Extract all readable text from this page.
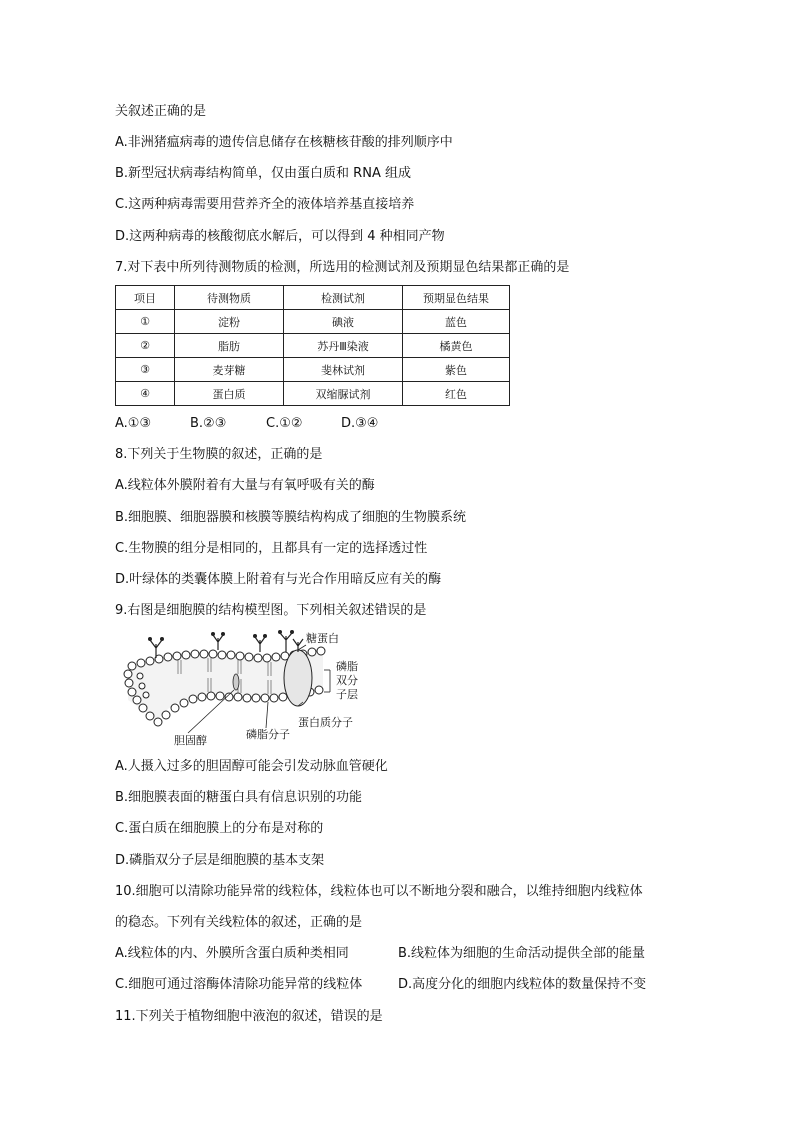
关叙述正确的是
A.非洲猪瘟病毒的遗传信息储存在核糖核苷酸的排列顺序中
B.新型冠状病毒结构简单，仅由蛋白质和 RNA 组成
C.这两种病毒需要用营养齐全的液体培养基直接培养
D.这两种病毒的核酸彻底水解后，可以得到 4 种相同产物
7.对下表中所列待测物质的检测，所选用的检测试剂及预期显色结果都正确的是
项目	待测物质	检测试剂	预期显色结果
①	淀粉	碘液	蓝色
②	脂肪	苏丹Ⅲ染液	橘黄色
③	麦芽糖	斐林试剂	紫色
④	蛋白质	双缩脲试剂	红色
A.①③	B.②③	C.①②	D.③④
8.下列关于生物膜的叙述，正确的是
A.线粒体外膜附着有大量与有氧呼吸有关的酶
B.细胞膜、细胞器膜和核膜等膜结构构成了细胞的生物膜系统
C.生物膜的组分是相同的，且都具有一定的选择透过性
D.叶绿体的类囊体膜上附着有与光合作用暗反应有关的酶
9.右图是细胞膜的结构模型图。下列相关叙述错误的是
糖蛋白
磷脂
双分
子层
蛋白质分子
胆固醇	磷脂分子
A.人摄入过多的胆固醇可能会引发动脉血管硬化
B.细胞膜表面的糖蛋白具有信息识别的功能
C.蛋白质在细胞膜上的分布是对称的
D.磷脂双分子层是细胞膜的基本支架
10.细胞可以清除功能异常的线粒体，线粒体也可以不断地分裂和融合，以维持细胞内线粒体
的稳态。下列有关线粒体的叙述，正确的是
A.线粒体的内、外膜所含蛋白质种类相同	B.线粒体为细胞的生命活动提供全部的能量
C.细胞可通过溶酶体清除功能异常的线粒体	D.高度分化的细胞内线粒体的数量保持不变
11.下列关于植物细胞中液泡的叙述，错误的是
